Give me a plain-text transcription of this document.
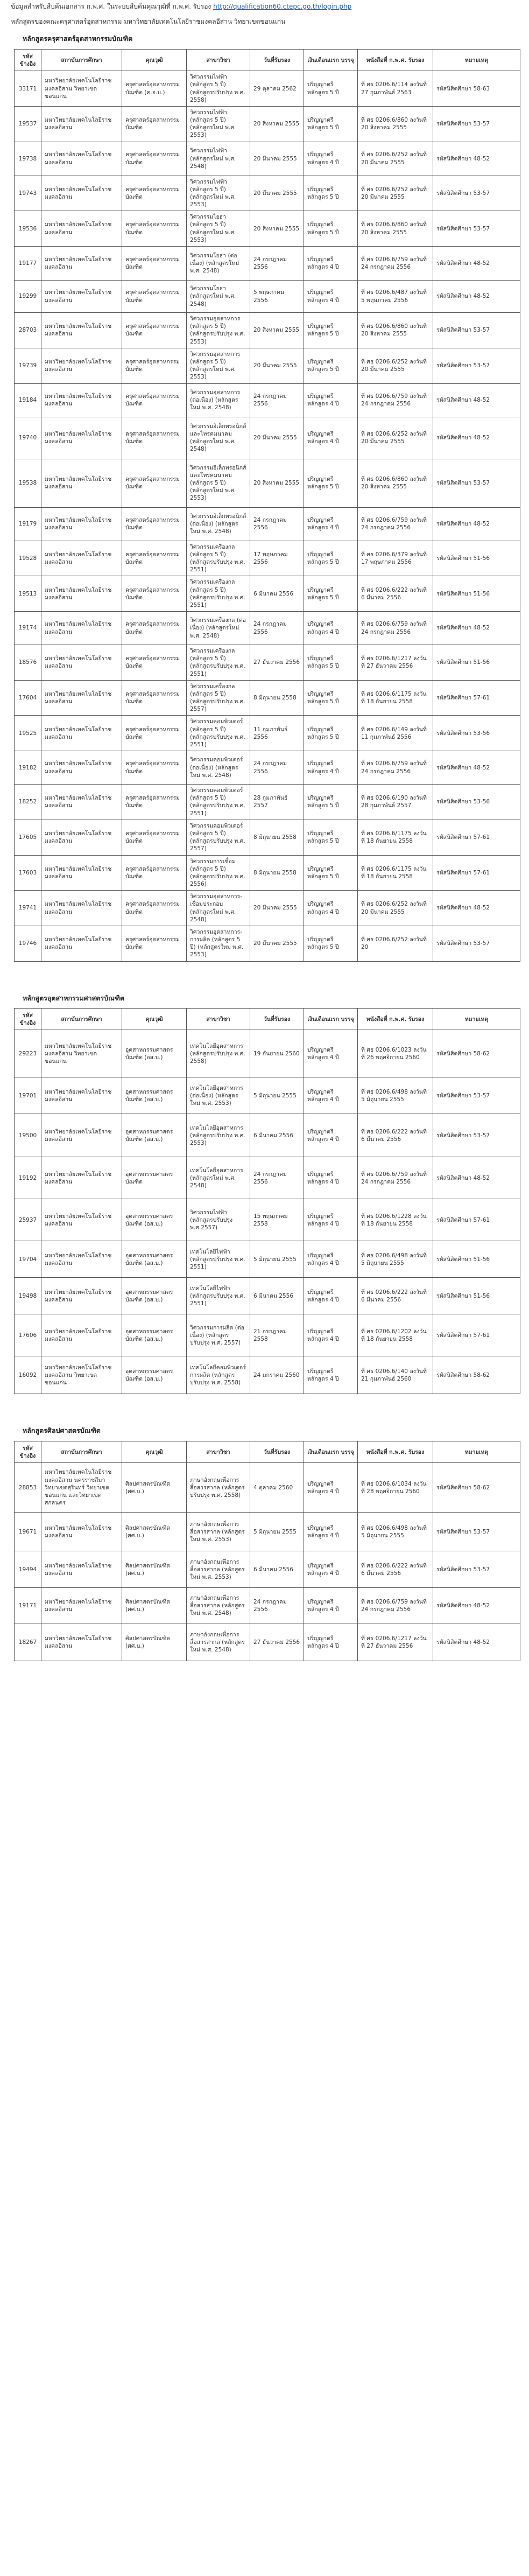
ข้อมูลสำหรับสืบค้นเอกสาร ก.พ.ศ. ในระบบสืบค้นคุณวุฒิที่ ก.พ.ศ. รับรอง http://qualification60.ctepc.go.th/login.php

หลักสูตรของคณะครุศาสตร์อุตสาหกรรม มหาวิทยาลัยเทคโนโลยีราชมงคลอีสาน วิทยาเขตขอนแก่น

หลักสูตรครุศาสตร์อุตสาหกรรมบัณฑิต
รหัส ข้างอิง	สถาบันการศึกษา	คุณวุฒิ	สาขาวิชา	วันที่รับรอง	เงินเดือนแรก บรรจุ	หนังสือที่ ก.พ.ศ. รับรอง	หมายเหตุ
33171	มหาวิทยาลัยเทคโนโลยีราชมงคลอีสาน วิทยาเขตขอนแก่น	ครุศาสตร์อุตสาหกรรม บัณฑิต (ค.อ.บ.)	วิศวกรรมไฟฟ้า (หลักสูตร 5 ปี) (หลักสูตรปรับปรุง พ.ศ. 2558)	29 ตุลาคม 2562	ปริญญาตรี หลักสูตร 5 ปี	ที่ ศธ 0206.6/114 ลงวันที่ 27 กุมภาพันธ์ 2563	รหัสนิสิตศึกษา 58-63
19537	มหาวิทยาลัยเทคโนโลยีราชมงคลอีสาน	ครุศาสตร์อุตสาหกรรม บัณฑิต	วิศวกรรมไฟฟ้า (หลักสูตร 5 ปี) (หลักสูตรใหม่ พ.ศ. 2553)	20 สิงหาคม 2555	ปริญญาตรี หลักสูตร 5 ปี	ที่ ศธ 0206.6/860 ลงวันที่ 20 สิงหาคม 2555	รหัสนิสิตศึกษา 53-57
19738	มหาวิทยาลัยเทคโนโลยีราชมงคลอีสาน	ครุศาสตร์อุตสาหกรรม บัณฑิต	วิศวกรรมไฟฟ้า (หลักสูตรใหม่ พ.ศ. 2548)	20 มีนาคม 2555	ปริญญาตรี หลักสูตร 4 ปี	ที่ ศธ 0206.6/252 ลงวันที่ 20 มีนาคม 2555	รหัสนิสิตศึกษา 48-52
19743	มหาวิทยาลัยเทคโนโลยีราชมงคลอีสาน	ครุศาสตร์อุตสาหกรรม บัณฑิต	วิศวกรรมไฟฟ้า (หลักสูตร 5 ปี) (หลักสูตรใหม่ พ.ศ. 2553)	20 มีนาคม 2555	ปริญญาตรี หลักสูตร 5 ปี	ที่ ศธ 0206.6/252 ลงวันที่ 20 มีนาคม 2555	รหัสนิสิตศึกษา 53-57
19536	มหาวิทยาลัยเทคโนโลยีราชมงคลอีสาน	ครุศาสตร์อุตสาหกรรม บัณฑิต	วิศวกรรมโยธา (หลักสูตร 5 ปี) (หลักสูตรใหม่ พ.ศ. 2553)	20 สิงหาคม 2555	ปริญญาตรี หลักสูตร 5 ปี	ที่ ศธ 0206.6/860 ลงวันที่ 20 สิงหาคม 2555	รหัสนิสิตศึกษา 53-57
19177	มหาวิทยาลัยเทคโนโลยีราชมงคลอีสาน	ครุศาสตร์อุตสาหกรรม บัณฑิต	วิศวกรรมโยธา (ต่อเนื่อง) (หลักสูตรใหม่ พ.ศ. 2548)	24 กรกฎาคม 2556	ปริญญาตรี หลักสูตร 4 ปี	ที่ ศธ 0206.6/759 ลงวันที่ 24 กรกฎาคม 2556	รหัสนิสิตศึกษา 48-52
19299	มหาวิทยาลัยเทคโนโลยีราชมงคลอีสาน	ครุศาสตร์อุตสาหกรรม บัณฑิต	วิศวกรรมโยธา (หลักสูตรใหม่ พ.ศ. 2548)	5 พฤษภาคม 2556	ปริญญาตรี หลักสูตร 4 ปี	ที่ ศธ 0206.6/487 ลงวันที่ 5 พฤษภาคม 2556	รหัสนิสิตศึกษา 48-52
28703	มหาวิทยาลัยเทคโนโลยีราชมงคลอีสาน	ครุศาสตร์อุตสาหกรรม บัณฑิต	วิศวกรรมอุตสาหการ (หลักสูตร 5 ปี) (หลักสูตรปรับปรุง พ.ศ. 2553)	20 สิงหาคม 2555	ปริญญาตรี หลักสูตร 5 ปี	ที่ ศธ 0206.6/860 ลงวันที่ 20 สิงหาคม 2555	รหัสนิสิตศึกษา 53-57
19739	มหาวิทยาลัยเทคโนโลยีราชมงคลอีสาน	ครุศาสตร์อุตสาหกรรม บัณฑิต	วิศวกรรมอุตสาหการ (หลักสูตร 5 ปี) (หลักสูตรใหม่ พ.ศ. 2553)	20 มีนาคม 2555	ปริญญาตรี หลักสูตร 5 ปี	ที่ ศธ 0206.6/252 ลงวันที่ 20 มีนาคม 2555	รหัสนิสิตศึกษา 53-57
19184	มหาวิทยาลัยเทคโนโลยีราชมงคลอีสาน	ครุศาสตร์อุตสาหกรรม บัณฑิต	วิศวกรรมอุตสาหการ (ต่อเนื่อง) (หลักสูตรใหม่ พ.ศ. 2548)	24 กรกฎาคม 2556	ปริญญาตรี หลักสูตร 4 ปี	ที่ ศธ 0206.6/759 ลงวันที่ 24 กรกฎาคม 2556	รหัสนิสิตศึกษา 48-52
19740	มหาวิทยาลัยเทคโนโลยีราชมงคลอีสาน	ครุศาสตร์อุตสาหกรรม บัณฑิต	วิศวกรรมอิเล็กทรอนิกส์และโทรคมนาคม (หลักสูตรใหม่ พ.ศ. 2548)	20 มีนาคม 2555	ปริญญาตรี หลักสูตร 4 ปี	ที่ ศธ 0206.6/252 ลงวันที่ 20 มีนาคม 2555	รหัสนิสิตศึกษา 48-52
19538	มหาวิทยาลัยเทคโนโลยีราชมงคลอีสาน	ครุศาสตร์อุตสาหกรรม บัณฑิต	วิศวกรรมอิเล็กทรอนิกส์และโทรคมนาคม (หลักสูตร 5 ปี) (หลักสูตรใหม่ พ.ศ. 2553)	20 สิงหาคม 2555	ปริญญาตรี หลักสูตร 5 ปี	ที่ ศธ 0206.6/860 ลงวันที่ 20 สิงหาคม 2555	รหัสนิสิตศึกษา 53-57
19179	มหาวิทยาลัยเทคโนโลยีราชมงคลอีสาน	ครุศาสตร์อุตสาหกรรม บัณฑิต	วิศวกรรมอิเล็กทรอนิกส์ (ต่อเนื่อง) (หลักสูตรใหม่ พ.ศ. 2548)	24 กรกฎาคม 2556	ปริญญาตรี หลักสูตร 4 ปี	ที่ ศธ 0206.6/759 ลงวันที่ 24 กรกฎาคม 2556	รหัสนิสิตศึกษา 48-52
19528	มหาวิทยาลัยเทคโนโลยีราชมงคลอีสาน	ครุศาสตร์อุตสาหกรรม บัณฑิต	วิศวกรรมเครื่องกล (หลักสูตร 5 ปี) (หลักสูตรปรับปรุง พ.ศ. 2551)	17 พฤษภาคม 2556	ปริญญาตรี หลักสูตร 5 ปี	ที่ ศธ 0206.6/379 ลงวันที่ 17 พฤษภาคม 2556	รหัสนิสิตศึกษา 51-56
19513	มหาวิทยาลัยเทคโนโลยีราชมงคลอีสาน	ครุศาสตร์อุตสาหกรรม บัณฑิต	วิศวกรรมเครื่องกล (หลักสูตร 5 ปี) (หลักสูตรปรับปรุง พ.ศ. 2551)	6 มีนาคม 2556	ปริญญาตรี หลักสูตร 5 ปี	ที่ ศธ 0206.6/222 ลงวันที่ 6 มีนาคม 2556	รหัสนิสิตศึกษา 51-56
19174	มหาวิทยาลัยเทคโนโลยีราชมงคลอีสาน	ครุศาสตร์อุตสาหกรรม บัณฑิต	วิศวกรรมเครื่องกล (ต่อเนื่อง) (หลักสูตรใหม่ พ.ศ. 2548)	24 กรกฎาคม 2556	ปริญญาตรี หลักสูตร 4 ปี	ที่ ศธ 0206.6/759 ลงวันที่ 24 กรกฎาคม 2556	รหัสนิสิตศึกษา 48-52
18576	มหาวิทยาลัยเทคโนโลยีราชมงคลอีสาน	ครุศาสตร์อุตสาหกรรม บัณฑิต	วิศวกรรมเครื่องกล (หลักสูตร 5 ปี) (หลักสูตรปรับปรุง พ.ศ. 2551)	27 ธันวาคม 2556	ปริญญาตรี หลักสูตร 5 ปี	ที่ ศธ 0206.6/1217 ลงวันที่ 27 ธันวาคม 2556	รหัสนิสิตศึกษา 51-56
17604	มหาวิทยาลัยเทคโนโลยีราชมงคลอีสาน	ครุศาสตร์อุตสาหกรรม บัณฑิต	วิศวกรรมเครื่องกล (หลักสูตร 5 ปี) (หลักสูตรปรับปรุง พ.ศ. 2557)	8 มิถุนายน 2558	ปริญญาตรี หลักสูตร 5 ปี	ที่ ศธ 0206.6/1175 ลงวันที่ 18 กันยายน 2558	รหัสนิสิตศึกษา 57-61
19525	มหาวิทยาลัยเทคโนโลยีราชมงคลอีสาน	ครุศาสตร์อุตสาหกรรม บัณฑิต	วิศวกรรมคอมพิวเตอร์ (หลักสูตร 5 ปี) (หลักสูตรปรับปรุง พ.ศ. 2551)	11 กุมภาพันธ์ 2556	ปริญญาตรี หลักสูตร 5 ปี	ที่ ศธ 0206.6/149 ลงวันที่ 11 กุมภาพันธ์ 2556	รหัสนิสิตศึกษา 53-56
19182	มหาวิทยาลัยเทคโนโลยีราชมงคลอีสาน	ครุศาสตร์อุตสาหกรรม บัณฑิต	วิศวกรรมคอมพิวเตอร์ (ต่อเนื่อง) (หลักสูตรใหม่ พ.ศ. 2548)	24 กรกฎาคม 2556	ปริญญาตรี หลักสูตร 4 ปี	ที่ ศธ 0206.6/759 ลงวันที่ 24 กรกฎาคม 2556	รหัสนิสิตศึกษา 48-52
18252	มหาวิทยาลัยเทคโนโลยีราชมงคลอีสาน	ครุศาสตร์อุตสาหกรรม บัณฑิต	วิศวกรรมคอมพิวเตอร์ (หลักสูตร 5 ปี) (หลักสูตรปรับปรุง พ.ศ. 2551)	28 กุมภาพันธ์ 2557	ปริญญาตรี หลักสูตร 5 ปี	ที่ ศธ 0206.6/190 ลงวันที่ 28 กุมภาพันธ์ 2557	รหัสนิสิตศึกษา 53-56
17605	มหาวิทยาลัยเทคโนโลยีราชมงคลอีสาน	ครุศาสตร์อุตสาหกรรม บัณฑิต	วิศวกรรมคอมพิวเตอร์ (หลักสูตร 5 ปี) (หลักสูตรปรับปรุง พ.ศ. 2557)	8 มิถุนายน 2558	ปริญญาตรี หลักสูตร 5 ปี	ที่ ศธ 0206.6/1175 ลงวันที่ 18 กันยายน 2558	รหัสนิสิตศึกษา 57-61
17603	มหาวิทยาลัยเทคโนโลยีราชมงคลอีสาน	ครุศาสตร์อุตสาหกรรม บัณฑิต	วิศวกรรมการเชื่อม (หลักสูตร 5 ปี) (หลักสูตรปรับปรุง พ.ศ. 2556)	8 มิถุนายน 2558	ปริญญาตรี หลักสูตร 5 ปี	ที่ ศธ 0206.6/1175 ลงวันที่ 18 กันยายน 2558	รหัสนิสิตศึกษา 57-61
19741	มหาวิทยาลัยเทคโนโลยีราชมงคลอีสาน	ครุศาสตร์อุตสาหกรรม บัณฑิต	วิศวกรรมอุตสาหการ-เชื่อมประกอบ (หลักสูตรใหม่ พ.ศ. 2548)	20 มีนาคม 2555	ปริญญาตรี หลักสูตร 4 ปี	ที่ ศธ 0206.6/252 ลงวันที่ 20 มีนาคม 2555	รหัสนิสิตศึกษา 48-52
19746	มหาวิทยาลัยเทคโนโลยีราชมงคลอีสาน	ครุศาสตร์อุตสาหกรรม บัณฑิต	วิศวกรรมอุตสาหการ-การผลิต (หลักสูตร 5 ปี) (หลักสูตรใหม่ พ.ศ. 2553)	20 มีนาคม 2555	ปริญญาตรี หลักสูตร 5 ปี	ที่ ศธ 0206.6/252 ลงวันที่ 20	รหัสนิสิตศึกษา 53-57
หลักสูตรอุตสาหกรรมศาสตรบัณฑิต
รหัส ข้างอิง	สถาบันการศึกษา	คุณวุฒิ	สาขาวิชา	วันที่รับรอง	เงินเดือนแรก บรรจุ	หนังสือที่ ก.พ.ศ. รับรอง	หมายเหตุ
29223	มหาวิทยาลัยเทคโนโลยีราชมงคลอีสาน วิทยาเขตขอนแก่น	อุตสาหกรรมศาสตร บัณฑิต (อส.บ.)	เทคโนโลยีอุตสาหการ (หลักสูตรปรับปรุง พ.ศ. 2558)	19 กันยายน 2560	ปริญญาตรี หลักสูตร 4 ปี	ที่ ศธ 0206.6/1023 ลงวันที่ 26 พฤศจิกายน 2560	รหัสนิสิตศึกษา 58-62
19701	มหาวิทยาลัยเทคโนโลยีราชมงคลอีสาน	อุตสาหกรรมศาสตร บัณฑิต (อส.บ.)	เทคโนโลยีอุตสาหการ (ต่อเนื่อง) (หลักสูตรใหม่ พ.ศ. 2553)	5 มิถุนายน 2555	ปริญญาตรี หลักสูตร 4 ปี	ที่ ศธ 0206.6/498 ลงวันที่ 5 มิถุนายน 2555	รหัสนิสิตศึกษา 53-57
19500	มหาวิทยาลัยเทคโนโลยีราชมงคลอีสาน	อุตสาหกรรมศาสตร บัณฑิต (อส.บ.)	เทคโนโลยีอุตสาหการ (หลักสูตรปรับปรุง พ.ศ. 2553)	6 มีนาคม 2556	ปริญญาตรี หลักสูตร 4 ปี	ที่ ศธ 0206.6/222 ลงวันที่ 6 มีนาคม 2556	รหัสนิสิตศึกษา 53-57
19192	มหาวิทยาลัยเทคโนโลยีราชมงคลอีสาน	อุตสาหกรรมศาสตร บัณฑิต	เทคโนโลยีอุตสาหการ (หลักสูตรใหม่ พ.ศ. 2548)	24 กรกฎาคม 2556	ปริญญาตรี หลักสูตร 4 ปี	ที่ ศธ 0206.6/759 ลงวันที่ 24 กรกฎาคม 2556	รหัสนิสิตศึกษา 48-52
25937	มหาวิทยาลัยเทคโนโลยีราชมงคลอีสาน	อุตสาหกรรมศาสตร บัณฑิต (อส.บ.)	วิศวกรรมไฟฟ้า (หลักสูตรปรับปรุง พ.ศ.2557)	15 พฤษภาคม 2558	ปริญญาตรี หลักสูตร 4 ปี	ที่ ศธ 0206.6/1228 ลงวันที่ 18 กันยายน 2558	รหัสนิสิตศึกษา 57-61
19704	มหาวิทยาลัยเทคโนโลยีราชมงคลอีสาน	อุตสาหกรรมศาสตร บัณฑิต (อส.บ.)	เทคโนโลยีไฟฟ้า (หลักสูตรปรับปรุง พ.ศ. 2551)	5 มิถุนายน 2555	ปริญญาตรี หลักสูตร 4 ปี	ที่ ศธ 0206.6/498 ลงวันที่ 5 มิถุนายน 2555	รหัสนิสิตศึกษา 51-56
19498	มหาวิทยาลัยเทคโนโลยีราชมงคลอีสาน	อุตสาหกรรมศาสตร บัณฑิต (อส.บ.)	เทคโนโลยีไฟฟ้า (หลักสูตรปรับปรุง พ.ศ. 2551)	6 มีนาคม 2556	ปริญญาตรี หลักสูตร 4 ปี	ที่ ศธ 0206.6/222 ลงวันที่ 6 มีนาคม 2556	รหัสนิสิตศึกษา 51-56
17606	มหาวิทยาลัยเทคโนโลยีราชมงคลอีสาน	อุตสาหกรรมศาสตร บัณฑิต (อส.บ.)	วิศวกรรมการผลิต (ต่อเนื่อง) (หลักสูตรปรับปรุง พ.ศ. 2557)	21 กรกฎาคม 2558	ปริญญาตรี หลักสูตร 4 ปี	ที่ ศธ 0206.6/1202 ลงวันที่ 18 กันยายน 2558	รหัสนิสิตศึกษา 57-61
16092	มหาวิทยาลัยเทคโนโลยีราชมงคลอีสาน วิทยาเขตขอนแก่น	อุตสาหกรรมศาสตร บัณฑิต (อส.บ.)	เทคโนโลยีคอมพิวเตอร์การผลิต (หลักสูตรปรับปรุง พ.ศ. 2558)	24 มกราคม 2560	ปริญญาตรี หลักสูตร 4 ปี	ที่ ศธ 0206.6/140 ลงวันที่ 21 กุมภาพันธ์ 2560	รหัสนิสิตศึกษา 58-62
หลักสูตรศิลปศาสตรบัณฑิต
รหัส ข้างอิง	สถาบันการศึกษา	คุณวุฒิ	สาขาวิชา	วันที่รับรอง	เงินเดือนแรก บรรจุ	หนังสือที่ ก.พ.ศ. รับรอง	หมายเหตุ
28853	มหาวิทยาลัยเทคโนโลยีราชมงคลอีสาน นครราชสีมา วิทยาเขตสุรินทร์ วิทยาเขตขอนแก่น และวิทยาเขตสกลนคร	ศิลปศาสตรบัณฑิต (ศศ.บ.)	ภาษาอังกฤษเพื่อการสื่อสารสากล (หลักสูตรปรับปรุง พ.ศ. 2558)	4 ตุลาคม 2560	ปริญญาตรี หลักสูตร 4 ปี	ที่ ศธ 0206.6/1034 ลงวันที่ 28 พฤศจิกายน 2560	รหัสนิสิตศึกษา 58-62
19671	มหาวิทยาลัยเทคโนโลยีราชมงคลอีสาน	ศิลปศาสตรบัณฑิต (ศศ.บ.)	ภาษาอังกฤษเพื่อการสื่อสารสากล (หลักสูตรใหม่ พ.ศ. 2553)	5 มิถุนายน 2555	ปริญญาตรี หลักสูตร 4 ปี	ที่ ศธ 0206.6/498 ลงวันที่ 5 มิถุนายน 2555	รหัสนิสิตศึกษา 53-57
19494	มหาวิทยาลัยเทคโนโลยีราชมงคลอีสาน	ศิลปศาสตรบัณฑิต (ศศ.บ.)	ภาษาอังกฤษเพื่อการสื่อสารสากล (หลักสูตรใหม่ พ.ศ. 2553)	6 มีนาคม 2556	ปริญญาตรี หลักสูตร 4 ปี	ที่ ศธ 0206.6/222 ลงวันที่ 6 มีนาคม 2556	รหัสนิสิตศึกษา 53-57
19171	มหาวิทยาลัยเทคโนโลยีราชมงคลอีสาน	ศิลปศาสตรบัณฑิต (ศศ.บ.)	ภาษาอังกฤษเพื่อการสื่อสารสากล (หลักสูตรใหม่ พ.ศ. 2548)	24 กรกฎาคม 2556	ปริญญาตรี หลักสูตร 4 ปี	ที่ ศธ 0206.6/759 ลงวันที่ 24 กรกฎาคม 2556	รหัสนิสิตศึกษา 48-52
18267	มหาวิทยาลัยเทคโนโลยีราชมงคลอีสาน	ศิลปศาสตรบัณฑิต (ศศ.บ.)	ภาษาอังกฤษเพื่อการสื่อสารสากล (หลักสูตรใหม่ พ.ศ. 2548)	27 ธันวาคม 2556	ปริญญาตรี หลักสูตร 4 ปี	ที่ ศธ 0206.6/1217 ลงวันที่ 27 ธันวาคม 2556	รหัสนิสิตศึกษา 48-52
